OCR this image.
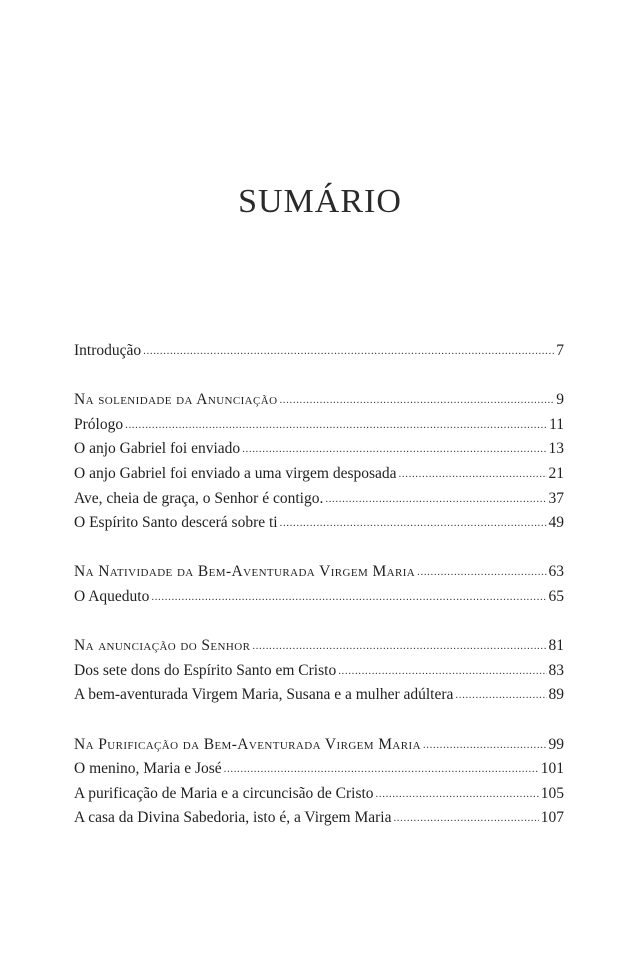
SUMÁRIO
Introdução .....	7
Na solenidade da Anunciação .....	9
Prólogo .....	11
O anjo Gabriel foi enviado .....	13
O anjo Gabriel foi enviado a uma virgem desposada .....	21
Ave, cheia de graça, o Senhor é contigo. .....	37
O Espírito Santo descerá sobre ti .....	49
Na Natividade da Bem-Aventurada Virgem Maria .....	63
O Aqueduto .....	65
Na anunciação do Senhor .....	81
Dos sete dons do Espírito Santo em Cristo .....	83
A bem-aventurada Virgem Maria, Susana e a mulher adúltera .....	89
Na Purificação da Bem-Aventurada Virgem Maria .....	99
O menino, Maria e José .....	101
A purificação de Maria e a circuncisão de Cristo .....	105
A casa da Divina Sabedoria, isto é, a Virgem Maria .....	107
